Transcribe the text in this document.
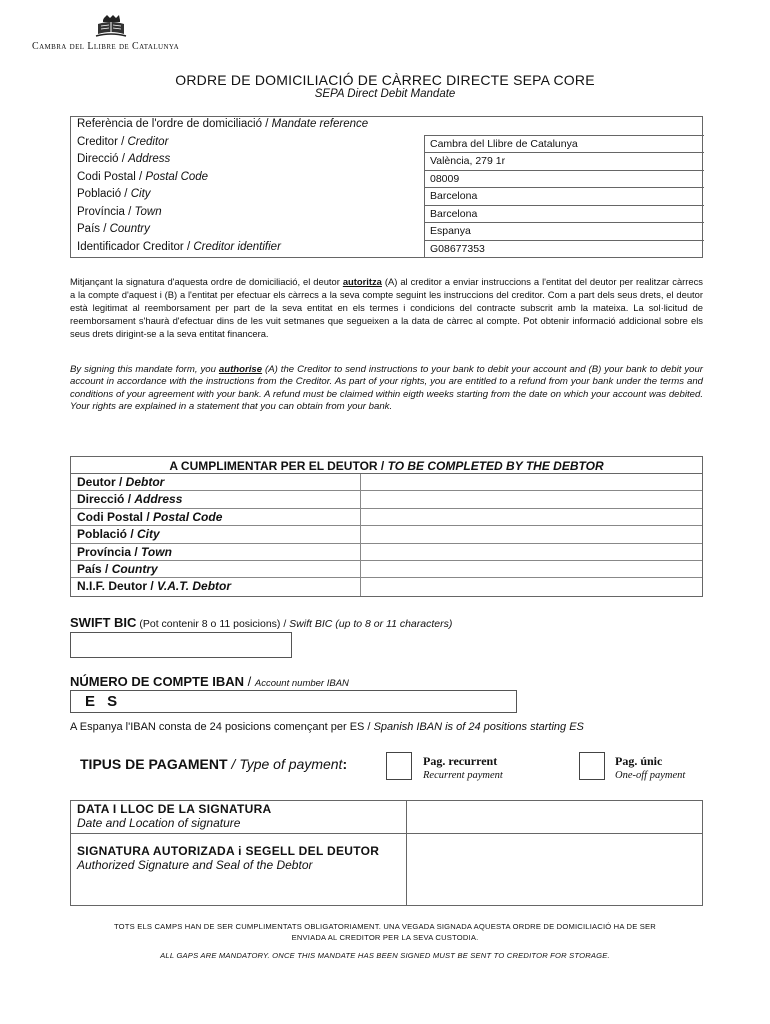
Cambra del Llibre de Catalunya
ORDRE DE DOMICILIACIÓ DE CÀRREC DIRECTE SEPA CORE
SEPA Direct Debit Mandate
Referència de l'ordre de domiciliació / Mandate reference
Creditor / Creditor	Cambra del Llibre de Catalunya
Direcció / Address	València, 279 1r
Codi Postal / Postal Code	08009
Població / City	Barcelona
Província / Town	Barcelona
País / Country	Espanya
Identificador Creditor / Creditor identifier	G08677353

Mitjançant la signatura d'aquesta ordre de domiciliació, el deutor autoritza (A) al creditor a enviar instruccions a l'entitat del deutor per realitzar càrrecs a la compte d'aquest i (B) a l'entitat per efectuar els càrrecs a la seva compte seguint les instruccions del creditor. Com a part dels seus drets, el deutor està legitimat al reemborsament per part de la seva entitat en els termes i condicions del contracte subscrit amb la mateixa. La sol·licitud de reemborsament s'haurà d'efectuar dins de les vuit setmanes que segueixen a la data de càrrec al compte. Pot obtenir informació addicional sobre els seus drets dirigint-se a la seva entitat financera.

By signing this mandate form, you authorise (A) the Creditor to send instructions to your bank to debit your account and (B) your bank to debit your account in accordance with the instructions from the Creditor. As part of your rights, you are entitled to a refund from your bank under the terms and conditions of your agreement with your bank. A refund must be claimed within eigth weeks starting from the date on which your account was debited. Your rights are explained in a statement that you can obtain from your bank.

A CUMPLIMENTAR PER EL DEUTOR / TO BE COMPLETED BY THE DEBTOR
Deutor / Debtor
Direcció / Address
Codi Postal / Postal Code
Població / City
Província / Town
País / Country
N.I.F. Deutor / V.A.T. Debtor
SWIFT BIC (Pot contenir 8 o 11 posicions) / Swift BIC (up to 8 or 11 characters)
NÚMERO DE COMPTE IBAN / Account number IBAN
E S
A Espanya l'IBAN consta de 24 posicions començant per ES / Spanish IBAN is of 24 positions starting ES
TIPUS DE PAGAMENT / Type of payment:	Pag. recurrent
Recurrent payment
Pag. únic
One-off payment
DATA I LLOC DE LA SIGNATURA
Date and Location of signature
SIGNATURA AUTORIZADA i SEGELL DEL DEUTOR
Authorized Signature and Seal of the Debtor
TOTS ELS CAMPS HAN DE SER CUMPLIMENTATS OBLIGATORIAMENT. UNA VEGADA SIGNADA AQUESTA ORDRE DE DOMICILIACIÓ HA DE SER
ENVIADA AL CREDITOR PER LA SEVA CUSTODIA.
ALL GAPS ARE MANDATORY. ONCE THIS MANDATE HAS BEEN SIGNED MUST BE SENT TO CREDITOR FOR STORAGE.
